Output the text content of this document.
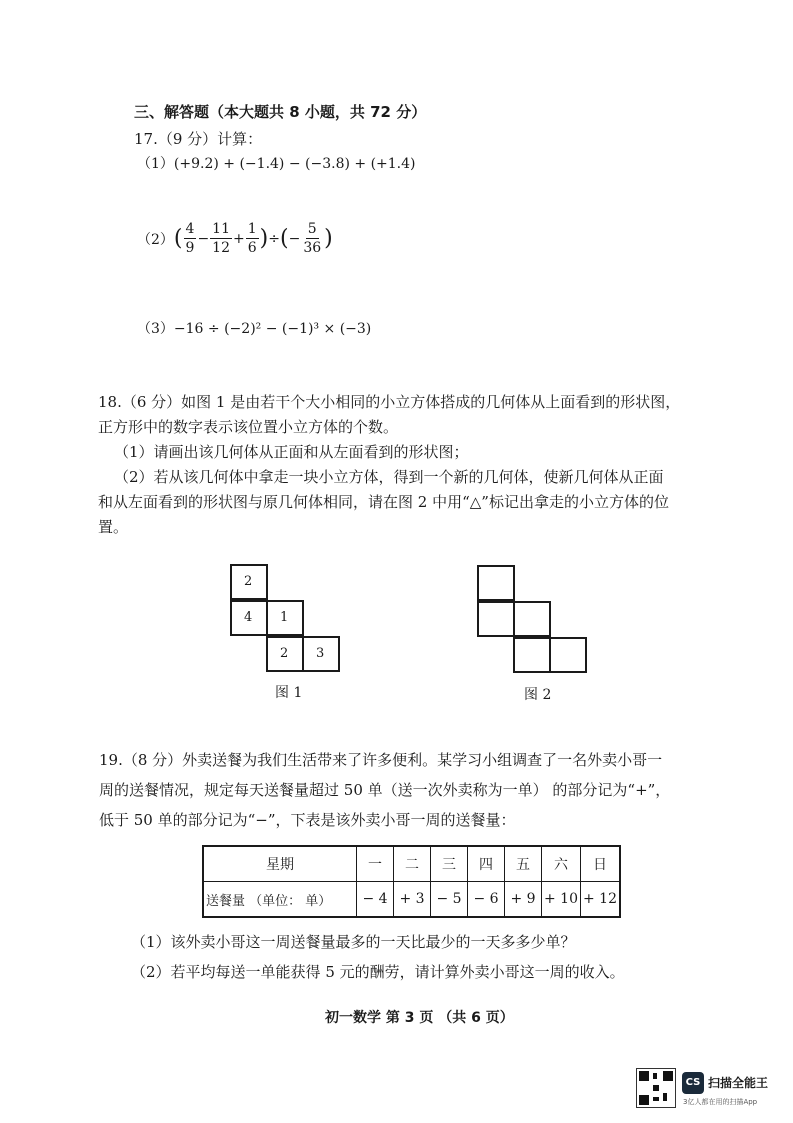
三、解答题（本大题共 8 小题，共 72 分）
17.（9 分）计算：
（1）(+9.2) + (−1.4) − (−3.8) + (+1.4)
（2） ( $\frac{4}{9} - \frac{11}{12} + \frac{1}{6}$ ) ÷ ( − $\frac{5}{36}$ )
（3）−16 ÷ (−2)² − (−1)³ × (−3)
18.（6 分）如图 1 是由若干个大小相同的小立方体搭成的几何体从上面看到的形状图，
正方形中的数字表示该位置小立方体的个数。
（1）请画出该几何体从正面和从左面看到的形状图；
（2）若从该几何体中拿走一块小立方体，得到一个新的几何体，使新几何体从正面
和从左面看到的形状图与原几何体相同，请在图 2 中用“△”标记出拿走的小立方体的位
置。
2
4 1
2 3
图 1	图 2
19.（8 分）外卖送餐为我们生活带来了许多便利。某学习小组调查了一名外卖小哥一
周的送餐情况，规定每天送餐量超过 50 单（送一次外卖称为一单） 的部分记为“+”，
低于 50 单的部分记为“−”，下表是该外卖小哥一周的送餐量：
星期	一	二	三	四	五	六	日
送餐量 （单位： 单）	− 4	+ 3	− 5	− 6	+ 9	+ 10	+ 12
（1）该外卖小哥这一周送餐量最多的一天比最少的一天多多少单？
（2）若平均每送一单能获得 5 元的酬劳，请计算外卖小哥这一周的收入。
初一数学 第 3 页 （共 6 页）
CS 扫描全能王
3亿人都在用的扫描App
